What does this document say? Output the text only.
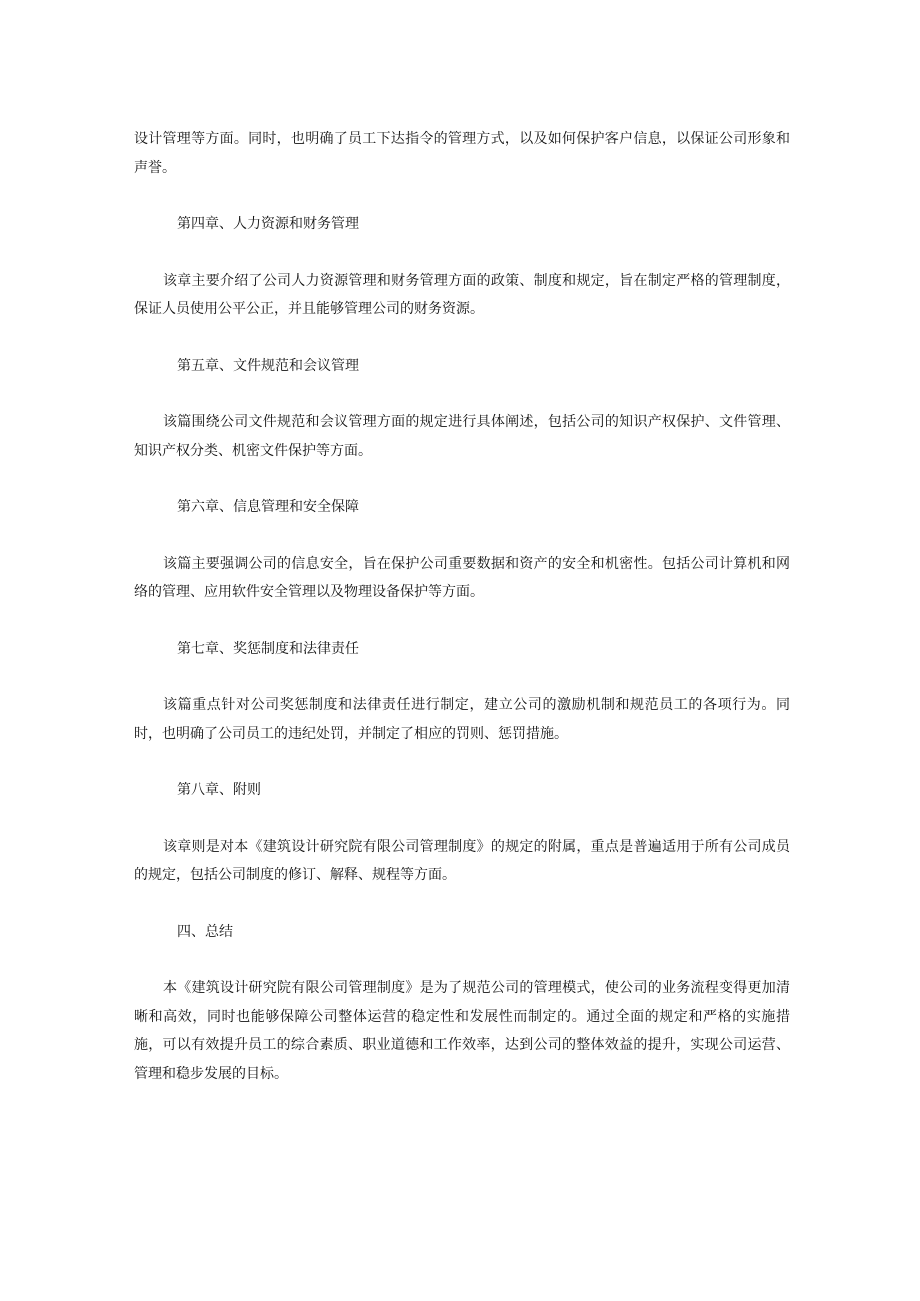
设计管理等方面。同时，也明确了员工下达指令的管理方式，以及如何保护客户信息，以保证公司形象和声誉。

第四章、人力资源和财务管理

该章主要介绍了公司人力资源管理和财务管理方面的政策、制度和规定，旨在制定严格的管理制度，保证人员使用公平公正，并且能够管理公司的财务资源。

第五章、文件规范和会议管理

该篇围绕公司文件规范和会议管理方面的规定进行具体阐述，包括公司的知识产权保护、文件管理、知识产权分类、机密文件保护等方面。

第六章、信息管理和安全保障

该篇主要强调公司的信息安全，旨在保护公司重要数据和资产的安全和机密性。包括公司计算机和网络的管理、应用软件安全管理以及物理设备保护等方面。

第七章、奖惩制度和法律责任

该篇重点针对公司奖惩制度和法律责任进行制定，建立公司的激励机制和规范员工的各项行为。同时，也明确了公司员工的违纪处罚，并制定了相应的罚则、惩罚措施。

第八章、附则

该章则是对本《建筑设计研究院有限公司管理制度》的规定的附属，重点是普遍适用于所有公司成员的规定，包括公司制度的修订、解释、规程等方面。

四、总结

本《建筑设计研究院有限公司管理制度》是为了规范公司的管理模式，使公司的业务流程变得更加清晰和高效，同时也能够保障公司整体运营的稳定性和发展性而制定的。通过全面的规定和严格的实施措施，可以有效提升员工的综合素质、职业道德和工作效率，达到公司的整体效益的提升，实现公司运营、管理和稳步发展的目标。
